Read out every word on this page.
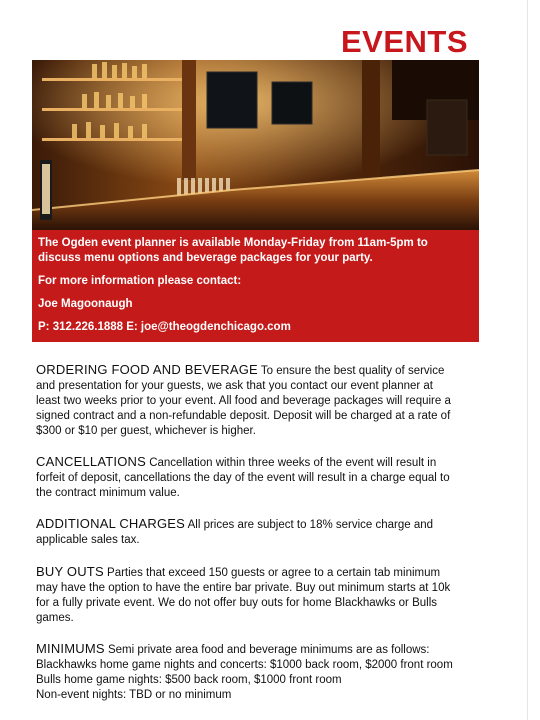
EVENTS

The Ogden event planner is available Monday-Friday from 11am-5pm to discuss menu options and beverage packages for your party.

For more information please contact:

Joe Magoonaugh

P: 312.226.1888 E: joe@theogdenchicago.com

ORDERING FOOD AND BEVERAGE To ensure the best quality of service
and presentation for your guests, we ask that you contact our event planner at
least two weeks prior to your event. All food and beverage packages will require a
signed contract and a non-refundable deposit. Deposit will be charged at a rate of
$300 or $10 per guest, whichever is higher.
CANCELLATIONS Cancellation within three weeks of the event will result in
forfeit of deposit, cancellations the day of the event will result in a charge equal to
the contract minimum value.
ADDITIONAL CHARGES All prices are subject to 18% service charge and
applicable sales tax.
BUY OUTS Parties that exceed 150 guests or agree to a certain tab minimum
may have the option to have the entire bar private. Buy out minimum starts at 10k
for a fully private event. We do not offer buy outs for home Blackhawks or Bulls
games.
MINIMUMS Semi private area food and beverage minimums are as follows:
Blackhawks home game nights and concerts: $1000 back room, $2000 front room
Bulls home game nights: $500 back room, $1000 front room
Non-event nights: TBD or no minimum
